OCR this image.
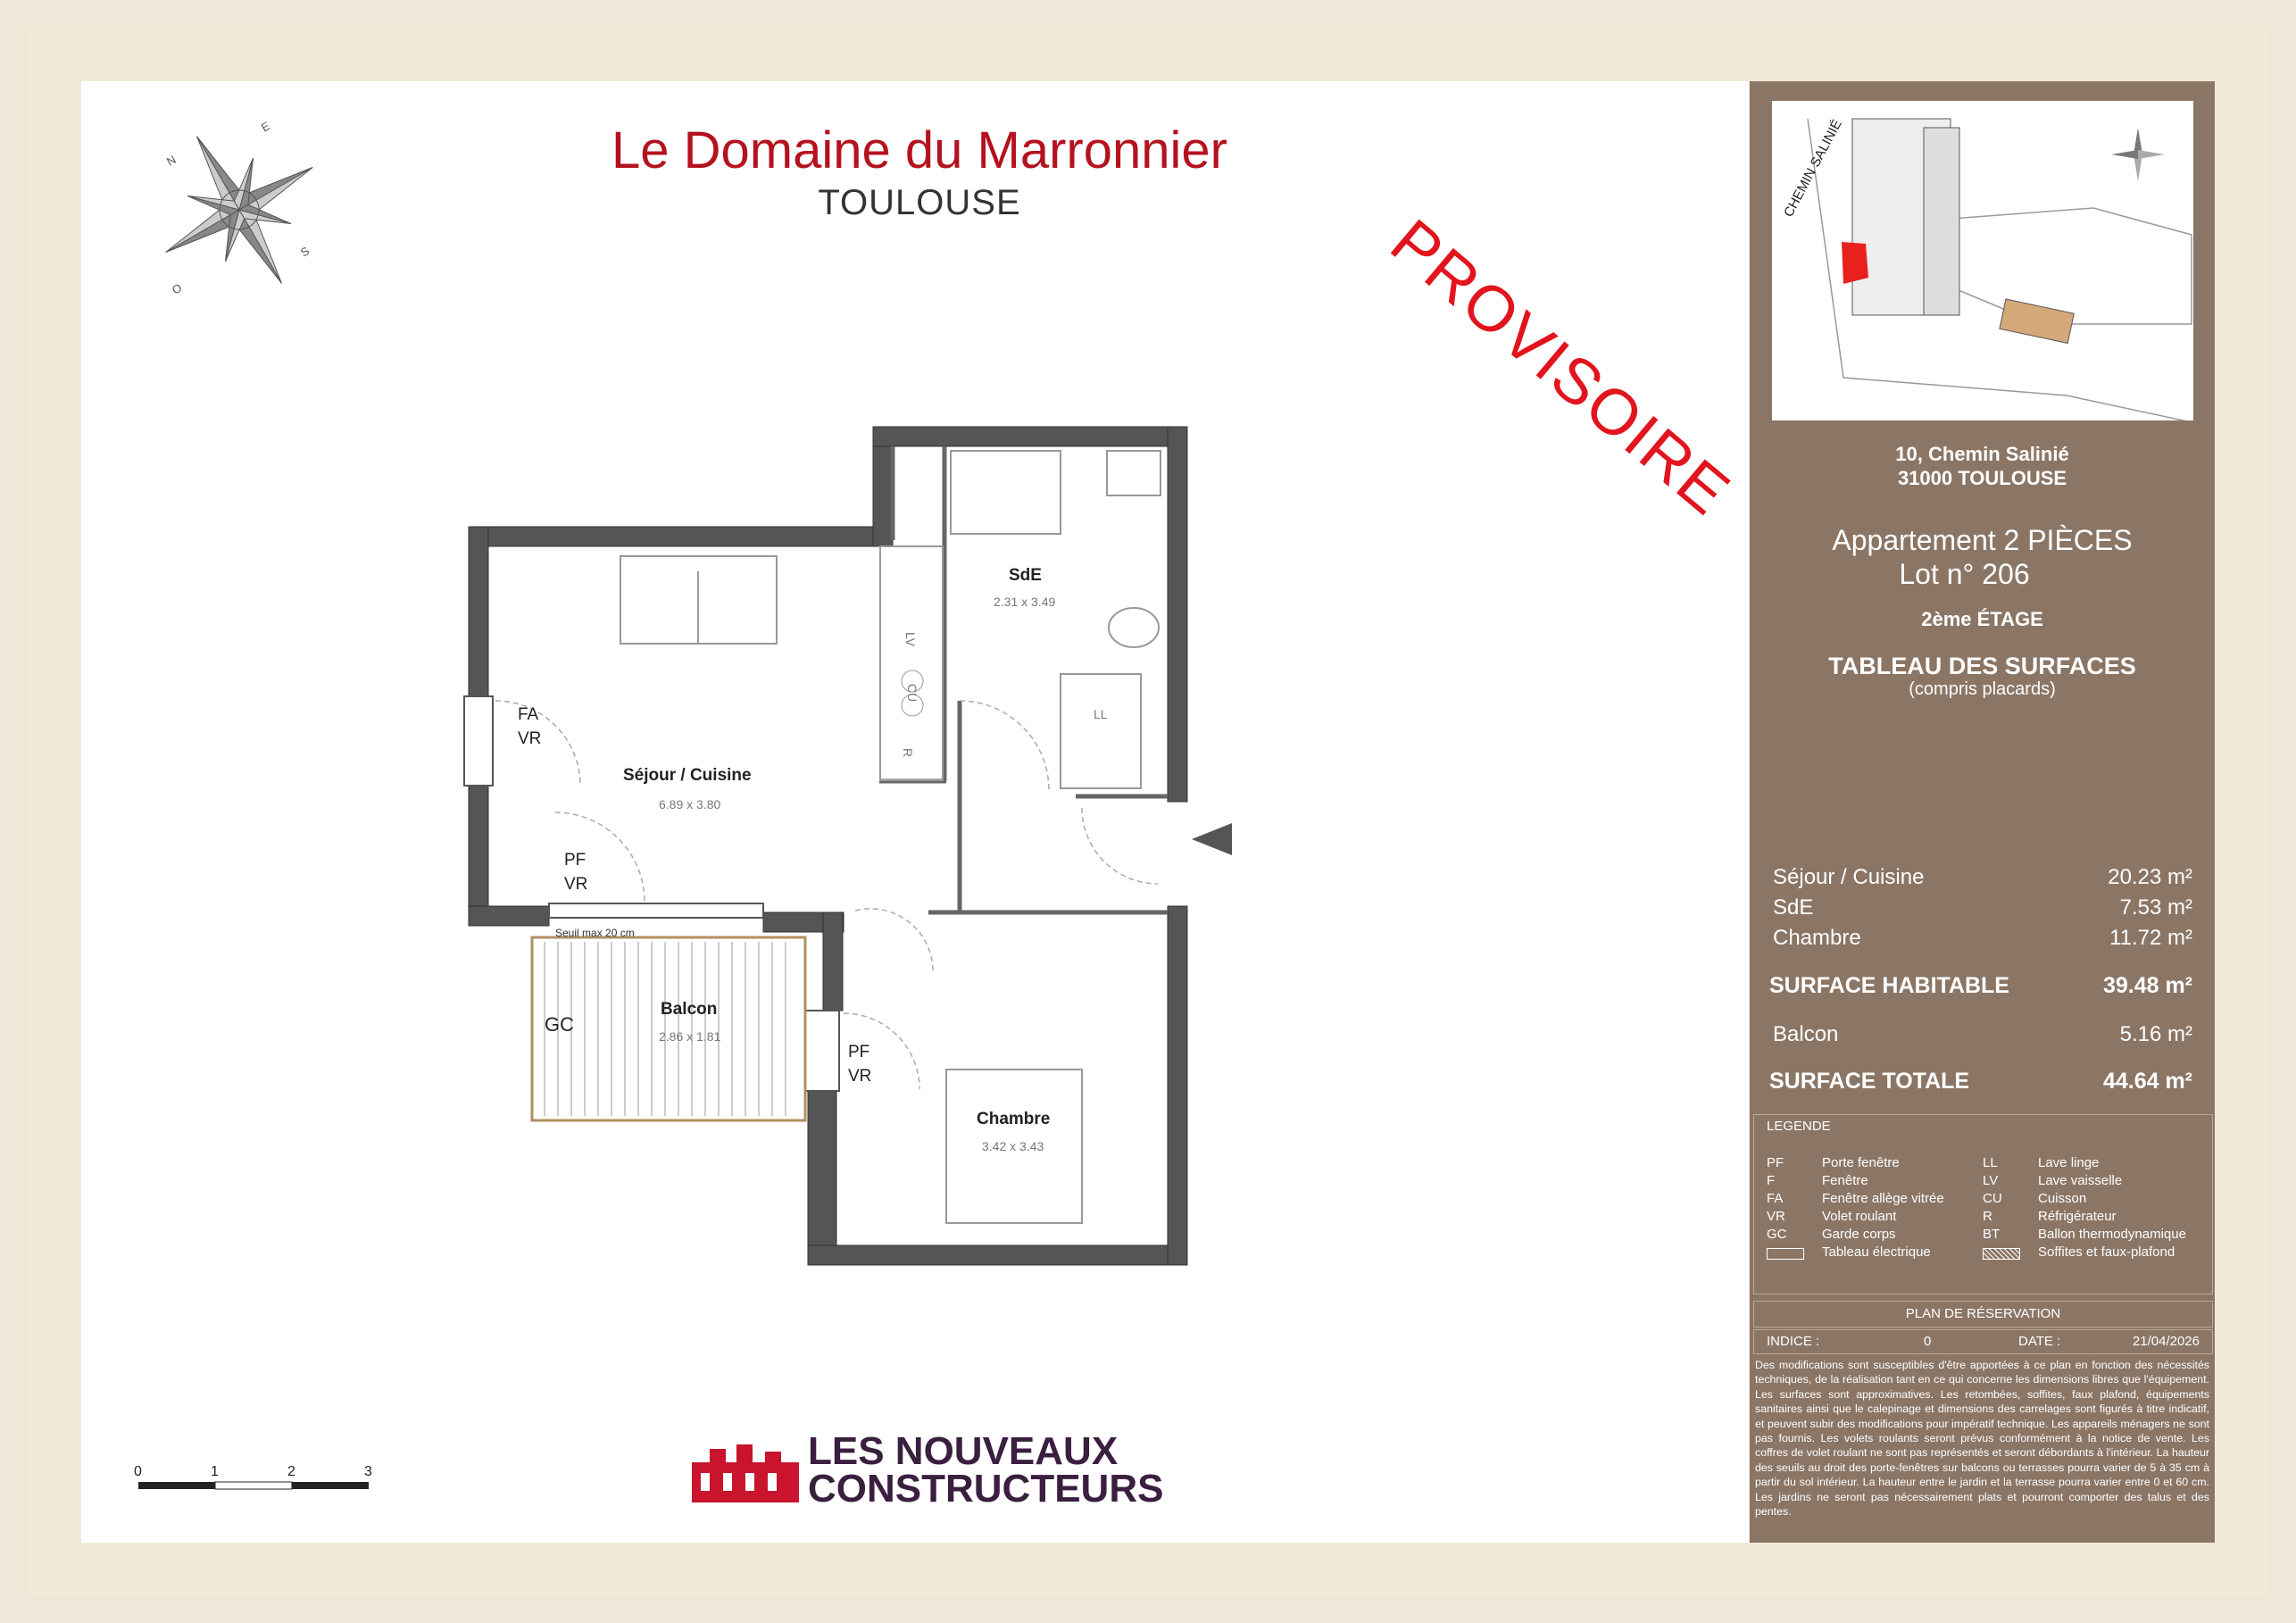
N
E
S
O
Le Domaine du Marronnier
TOULOUSE
PROVISOIRE
Séjour / Cuisine
6.89 x 3.80
SdE
2.31 x 3.49
Balcon
2.86 x 1.81
Chambre
3.42 x 3.43
FA
VR
PF
VR
PF
VR
GC
Seuil max 20 cm
LL
CU
LV
R
0	1	2	3	LES NOUVEAUX
CONSTRUCTEURS
CHEMIN SALINIÉ
10, Chemin Salinié
31000 TOULOUSE
Appartement 2 PIÈCES
Lot n° 206
2ème ÉTAGE
TABLEAU DES SURFACES
(compris placards)
Séjour / Cuisine	20.23 m²
SdE	7.53 m²
Chambre	11.72 m²
SURFACE HABITABLE	39.48 m²
Balcon	5.16 m²
SURFACE TOTALE	44.64 m²
LEGENDE
PF	Porte fenêtre
F	Fenêtre
FA	Fenêtre allège vitrée
VR	Volet roulant
GC	Garde corps
Tableau électrique
LL	Lave linge
LV	Lave vaisselle
CU	Cuisson
R	Réfrigérateur
BT	Ballon thermodynamique
Soffites et faux-plafond
PLAN DE RÉSERVATION
INDICE :	0	DATE :	21/04/2026
Des modifications sont susceptibles d'être apportées à ce plan en fonction des nécessités techniques, de la réalisation tant en ce qui concerne les dimensions libres que l'équipement. Les surfaces sont approximatives. Les retombées, soffites, faux plafond, équipements sanitaires ainsi que le calepinage et dimensions des carrelages sont figurés à titre indicatif, et peuvent subir des modifications pour impératif technique. Les appareils ménagers ne sont pas fournis. Les volets roulants seront prévus conformément à la notice de vente. Les coffres de volet roulant ne sont pas représentés et seront débordants à l'intérieur. La hauteur des seuils au droit des porte-fenêtres sur balcons ou terrasses pourra varier de 5 à 35 cm à partir du sol intérieur. La hauteur entre le jardin et la terrasse pourra varier entre 0 et 60 cm. Les jardins ne seront pas nécessairement plats et pourront comporter des talus et des pentes.
